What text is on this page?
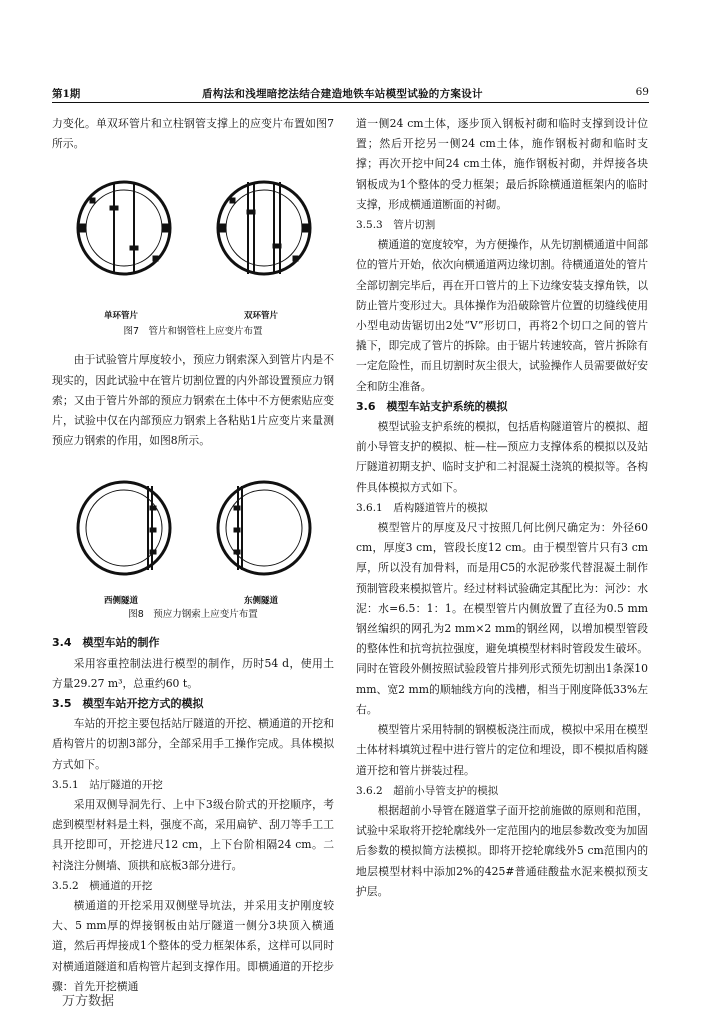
第1期	盾构法和浅埋暗挖法结合建造地铁车站模型试验的方案设计	69

力变化。单双环管片和立柱钢管支撑上的应变片布置如图7所示。

单环管片	双环管片
图7　管片和钢管柱上应变片布置

由于试验管片厚度较小，预应力钢索深入到管片内是不现实的，因此试验中在管片切割位置的内外部设置预应力钢索；又由于管片外部的预应力钢索在土体中不方便索贴应变片，试验中仅在内部预应力钢索上各粘贴1片应变片来量测预应力钢索的作用，如图8所示。

西侧隧道	东侧隧道
图8　预应力钢索上应变片布置
3.4　模型车站的制作

采用容重控制法进行模型的制作，历时54 d，使用土方量29.27 m³，总重约60 t。

3.5　模型车站开挖方式的模拟

车站的开挖主要包括站厅隧道的开挖、横通道的开挖和盾构管片的切割3部分，全部采用手工操作完成。具体模拟方式如下。

3.5.1　站厅隧道的开挖

采用双侧导洞先行、上中下3级台阶式的开挖顺序，考虑到模型材料是土料，强度不高，采用扁铲、刮刀等手工工具开挖即可，开挖进尺12 cm，上下台阶相隔24 cm。二衬浇注分侧墙、顶拱和底板3部分进行。

3.5.2　横通道的开挖

横通道的开挖采用双侧壁导坑法，并采用支护刚度较大、5 mm厚的焊接钢板由站厅隧道一侧分3块顶入横通道，然后再焊接成1个整体的受力框架体系，这样可以同时对横通道隧道和盾构管片起到支撑作用。即横通道的开挖步骤：首先开挖横通

道一侧24 cm土体，逐步顶入钢板衬砌和临时支撑到设计位置；然后开挖另一侧24 cm土体，施作钢板衬砌和临时支撑；再次开挖中间24 cm土体，施作钢板衬砌，并焊接各块钢板成为1个整体的受力框架；最后拆除横通道框架内的临时支撑，形成横通道断面的衬砌。

3.5.3　管片切割

横通道的宽度较窄，为方便操作，从先切割横通道中间部位的管片开始，依次向横通道两边缘切割。待横通道处的管片全部切割完毕后，再在开口管片的上下边缘安装支撑角铁，以防止管片变形过大。具体操作为沿破除管片位置的切缝线使用小型电动齿锯切出2处“V”形切口，再将2个切口之间的管片撬下，即完成了管片的拆除。由于锯片转速较高，管片拆除有一定危险性，而且切割时灰尘很大，试验操作人员需要做好安全和防尘准备。

3.6　模型车站支护系统的模拟

模型试验支护系统的模拟，包括盾构隧道管片的模拟、超前小导管支护的模拟、桩—柱—预应力支撑体系的模拟以及站厅隧道初期支护、临时支护和二衬混凝土浇筑的模拟等。各构件具体模拟方式如下。

3.6.1　盾构隧道管片的模拟

模型管片的厚度及尺寸按照几何比例尺确定为：外径60 cm，厚度3 cm，管段长度12 cm。由于模型管片只有3 cm厚，所以没有加骨料，而是用C5的水泥砂浆代替混凝土制作预制管段来模拟管片。经过材料试验确定其配比为：河沙：水泥：水=6.5：1：1。在模型管片内侧放置了直径为0.5 mm钢丝编织的网孔为2 mm×2 mm的钢丝网，以增加模型管段的整体性和抗弯抗拉强度，避免填模型材料时管段发生破坏。同时在管段外侧按照试验段管片排列形式预先切割出1条深10 mm、宽2 mm的顺轴线方向的浅槽，相当于刚度降低33%左右。

模型管片采用特制的钢模板浇注而成，模拟中采用在模型土体材料填筑过程中进行管片的定位和埋设，即不模拟盾构隧道开挖和管片拼装过程。

3.6.2　超前小导管支护的模拟

根据超前小导管在隧道掌子面开挖前施做的原则和范围，试验中采取将开挖轮廓线外一定范围内的地层参数改变为加固后参数的模拟简方法模拟。即将开挖轮廓线外5 cm范围内的地层模型材料中添加2%的425#普通硅酸盐水泥来模拟预支护层。

万方数据
